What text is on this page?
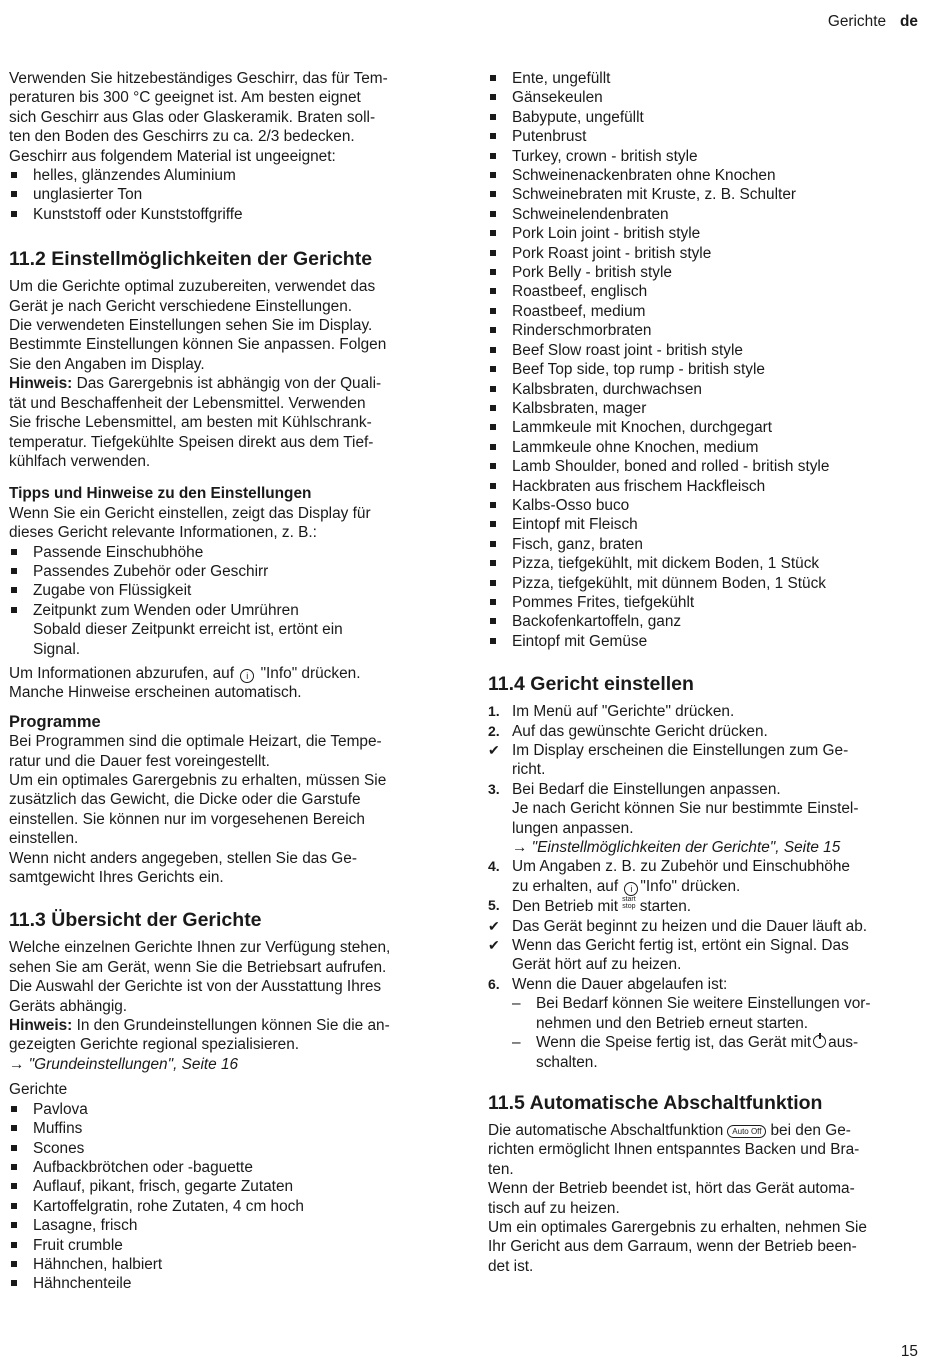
Gerichte de

Verwenden Sie hitzebeständiges Geschirr, das für Tem-

peraturen bis 300 °C geeignet ist. Am besten eignet

sich Geschirr aus Glas oder Glaskeramik. Braten soll-

ten den Boden des Geschirrs zu ca. 2/3 bedecken.

Geschirr aus folgendem Material ist ungeeignet:

helles, glänzendes Aluminium
unglasierter Ton
Kunststoff oder Kunststoffgriffe
11.2 Einstellmöglichkeiten der Gerichte

Um die Gerichte optimal zuzubereiten, verwendet das

Gerät je nach Gericht verschiedene Einstellungen.

Die verwendeten Einstellungen sehen Sie im Display.

Bestimmte Einstellungen können Sie anpassen. Folgen

Sie den Angaben im Display.

Hinweis: Das Garergebnis ist abhängig von der Quali-

tät und Beschaffenheit der Lebensmittel. Verwenden

Sie frische Lebensmittel, am besten mit Kühlschrank-

temperatur. Tiefgekühlte Speisen direkt aus dem Tief-

kühlfach verwenden.

Tipps und Hinweise zu den Einstellungen

Wenn Sie ein Gericht einstellen, zeigt das Display für

dieses Gericht relevante Informationen, z. B.:

Passende Einschubhöhe
Passendes Zubehör oder Geschirr
Zugabe von Flüssigkeit
Zeitpunkt zum Wenden oder Umrühren

Sobald dieser Zeitpunkt erreicht ist, ertönt ein

Signal.

Um Informationen abzurufen, auf i "Info" drücken.

Manche Hinweise erscheinen automatisch.

Programme

Bei Programmen sind die optimale Heizart, die Tempe-

ratur und die Dauer fest voreingestellt.

Um ein optimales Garergebnis zu erhalten, müssen Sie

zusätzlich das Gewicht, die Dicke oder die Garstufe

einstellen. Sie können nur im vorgesehenen Bereich

einstellen.

Wenn nicht anders angegeben, stellen Sie das Ge-

samtgewicht Ihres Gerichts ein.

11.3 Übersicht der Gerichte

Welche einzelnen Gerichte Ihnen zur Verfügung stehen,

sehen Sie am Gerät, wenn Sie die Betriebsart aufrufen.

Die Auswahl der Gerichte ist von der Ausstattung Ihres

Geräts abhängig.

Hinweis: In den Grundeinstellungen können Sie die an-

gezeigten Gerichte regional spezialisieren.

→ "Grundeinstellungen", Seite 16

Gerichte

Pavlova
Muffins
Scones
Aufbackbrötchen oder -baguette
Auflauf, pikant, frisch, gegarte Zutaten
Kartoffelgratin, rohe Zutaten, 4 cm hoch
Lasagne, frisch
Fruit crumble
Hähnchen, halbiert
Hähnchenteile
Ente, ungefüllt
Gänsekeulen
Babypute, ungefüllt
Putenbrust
Turkey, crown - british style
Schweinenackenbraten ohne Knochen
Schweinebraten mit Kruste, z. B. Schulter
Schweinelendenbraten
Pork Loin joint - british style
Pork Roast joint - british style
Pork Belly - british style
Roastbeef, englisch
Roastbeef, medium
Rinderschmorbraten
Beef Slow roast joint - british style
Beef Top side, top rump - british style
Kalbsbraten, durchwachsen
Kalbsbraten, mager
Lammkeule mit Knochen, durchgegart
Lammkeule ohne Knochen, medium
Lamb Shoulder, boned and rolled - british style
Hackbraten aus frischem Hackfleisch
Kalbs-Osso buco
Eintopf mit Fleisch
Fisch, ganz, braten
Pizza, tiefgekühlt, mit dickem Boden, 1 Stück
Pizza, tiefgekühlt, mit dünnem Boden, 1 Stück
Pommes Frites, tiefgekühlt
Backofenkartoffeln, ganz
Eintopf mit Gemüse
11.4 Gericht einstellen
1. Im Menü auf "Gerichte" drücken.
2. Auf das gewünschte Gericht drücken.
✔ Im Display erscheinen die Einstellungen zum Ge-
richt.
3. Bei Bedarf die Einstellungen anpassen.
Je nach Gericht können Sie nur bestimmte Einstel-
lungen anpassen.
→ "Einstellmöglichkeiten der Gerichte", Seite 15
4. Um Angaben z. B. zu Zubehör und Einschubhöhe
zu erhalten, auf i "Info" drücken.
5. Den Betrieb mit start
stop starten.
✔ Das Gerät beginnt zu heizen und die Dauer läuft ab.
✔ Wenn das Gericht fertig ist, ertönt ein Signal. Das
Gerät hört auf zu heizen.
6. Wenn die Dauer abgelaufen ist:
– Bei Bedarf können Sie weitere Einstellungen vor-
nehmen und den Betrieb erneut starten.
– Wenn die Speise fertig ist, das Gerät mit aus-
schalten.
11.5 Automatische Abschaltfunktion

Die automatische Abschaltfunktion Auto Off bei den Ge-

richten ermöglicht Ihnen entspanntes Backen und Bra-

ten.

Wenn der Betrieb beendet ist, hört das Gerät automa-

tisch auf zu heizen.

Um ein optimales Garergebnis zu erhalten, nehmen Sie

Ihr Gericht aus dem Garraum, wenn der Betrieb been-

det ist.

15
